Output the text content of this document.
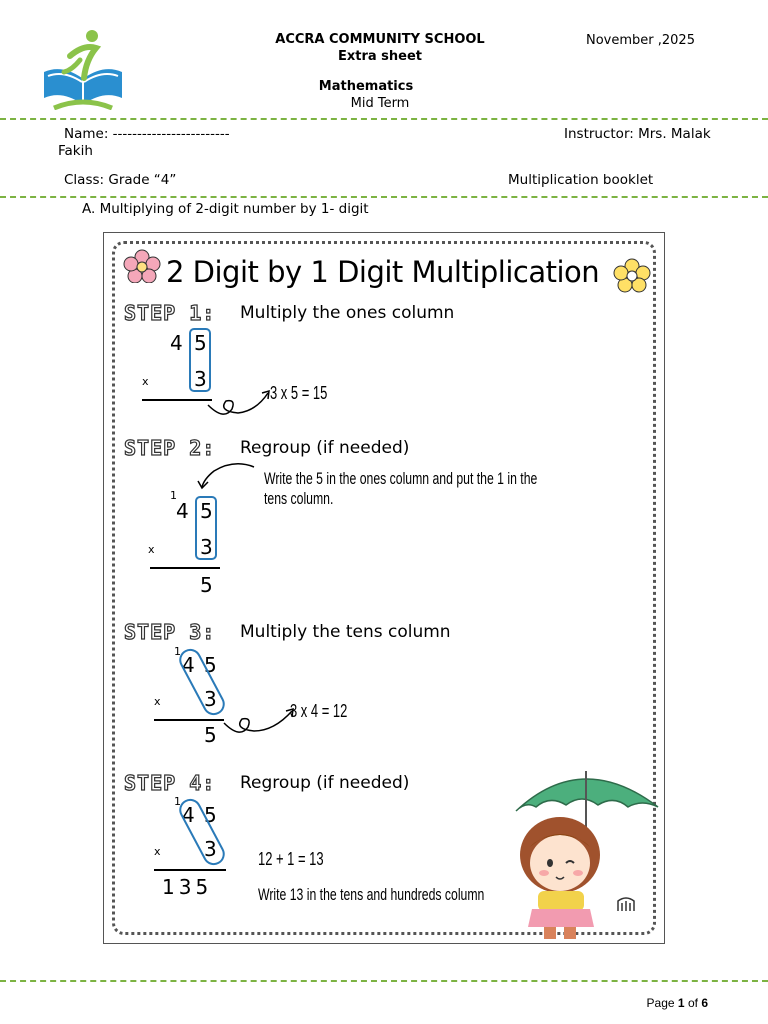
ACCRA COMMUNITY SCHOOL
Extra sheet
Mathematics
Mid Term
November ,2025
Name: ------------------------	Instructor: Mrs. Malak
Fakih
Class: Grade “4”	Multiplication booklet
A. Multiplying of 2-digit number by 1- digit
2 Digit by 1 Digit Multiplication
STEP 1: Multiply the ones column
4 5
x 3
3 x 5 = 15
STEP 2: Regroup (if needed)
Write the 5 in the ones column and put the 1 in the tens column.
1
4 5
x 3
5
STEP 3: Multiply the tens column
1
4 5
x 3
5
3 x 4 = 12
STEP 4: Regroup (if needed)
1
4 5
x 3
135
12 + 1 = 13
Write 13 in the tens and hundreds column
Page 1 of 6
